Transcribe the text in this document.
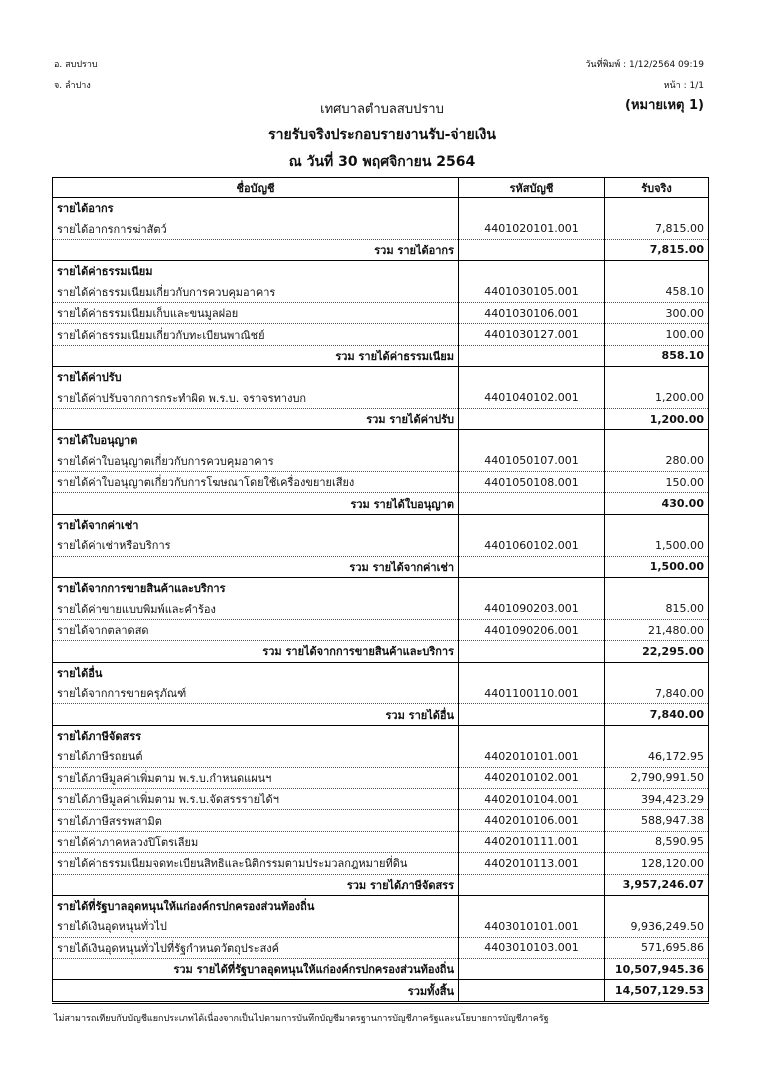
อ. สบปราบ
จ. ลำปาง
วันที่พิมพ์ : 1/12/2564 09:19
หน้า : 1/1
(หมายเหตุ 1)
เทศบาลตำบลสบปราบ
รายรับจริงประกอบรายงานรับ-จ่ายเงิน
ณ วันที่ 30 พฤศจิกายน 2564
ชื่อบัญชี	รหัสบัญชี	รับจริง
รายได้อากร		
รายได้อากรการฆ่าสัตว์	4401020101.001	7,815.00
รวม รายได้อากร		7,815.00
รายได้ค่าธรรมเนียม		
รายได้ค่าธรรมเนียมเกี่ยวกับการควบคุมอาคาร	4401030105.001	458.10
รายได้ค่าธรรมเนียมเก็บและขนมูลฝอย	4401030106.001	300.00
รายได้ค่าธรรมเนียมเกี่ยวกับทะเบียนพาณิชย์	4401030127.001	100.00
รวม รายได้ค่าธรรมเนียม		858.10
รายได้ค่าปรับ		
รายได้ค่าปรับจากการกระทำผิด พ.ร.บ. จราจรทางบก	4401040102.001	1,200.00
รวม รายได้ค่าปรับ		1,200.00
รายได้ใบอนุญาต		
รายได้ค่าใบอนุญาตเกี่ยวกับการควบคุมอาคาร	4401050107.001	280.00
รายได้ค่าใบอนุญาตเกี่ยวกับการโฆษณาโดยใช้เครื่องขยายเสียง	4401050108.001	150.00
รวม รายได้ใบอนุญาต		430.00
รายได้จากค่าเช่า		
รายได้ค่าเช่าหรือบริการ	4401060102.001	1,500.00
รวม รายได้จากค่าเช่า		1,500.00
รายได้จากการขายสินค้าและบริการ		
รายได้ค่าขายแบบพิมพ์และคำร้อง	4401090203.001	815.00
รายได้จากตลาดสด	4401090206.001	21,480.00
รวม รายได้จากการขายสินค้าและบริการ		22,295.00
รายได้อื่น		
รายได้จากการขายครุภัณฑ์	4401100110.001	7,840.00
รวม รายได้อื่น		7,840.00
รายได้ภาษีจัดสรร		
รายได้ภาษีรถยนต์	4402010101.001	46,172.95
รายได้ภาษีมูลค่าเพิ่มตาม พ.ร.บ.กำหนดแผนฯ	4402010102.001	2,790,991.50
รายได้ภาษีมูลค่าเพิ่มตาม พ.ร.บ.จัดสรรรายได้ฯ	4402010104.001	394,423.29
รายได้ภาษีสรรพสามิต	4402010106.001	588,947.38
รายได้ค่าภาคหลวงปิโตรเลียม	4402010111.001	8,590.95
รายได้ค่าธรรมเนียมจดทะเบียนสิทธิและนิติกรรมตามประมวลกฎหมายที่ดิน	4402010113.001	128,120.00
รวม รายได้ภาษีจัดสรร		3,957,246.07
รายได้ที่รัฐบาลอุดหนุนให้แก่องค์กรปกครองส่วนท้องถิ่น		
รายได้เงินอุดหนุนทั่วไป	4403010101.001	9,936,249.50
รายได้เงินอุดหนุนทั่วไปที่รัฐกำหนดวัตถุประสงค์	4403010103.001	571,695.86
รวม รายได้ที่รัฐบาลอุดหนุนให้แก่องค์กรปกครองส่วนท้องถิ่น		10,507,945.36
รวมทั้งสิ้น		14,507,129.53
ไม่สามารถเทียบกับบัญชีแยกประเภทได้เนื่องจากเป็นไปตามการบันทึกบัญชีมาตรฐานการบัญชีภาครัฐและนโยบายการบัญชีภาครัฐ
